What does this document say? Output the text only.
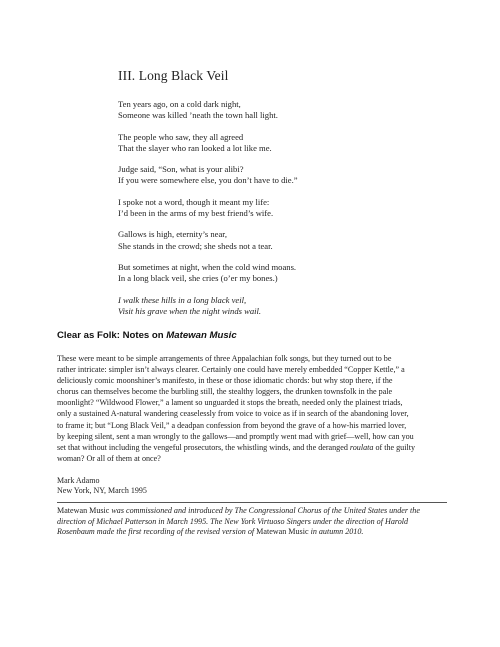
III. Long Black Veil
Ten years ago, on a cold dark night,
Someone was killed ’neath the town hall light.
The people who saw, they all agreed
That the slayer who ran looked a lot like me.
Judge said, “Son, what is your alibi?
If you were somewhere else, you don’t have to die.”
I spoke not a word, though it meant my life:
I’d been in the arms of my best friend’s wife.
Gallows is high, eternity’s near,
She stands in the crowd; she sheds not a tear.
But sometimes at night, when the cold wind moans.
In a long black veil, she cries (o’er my bones.)
I walk these hills in a long black veil,
Visit his grave when the night winds wail.
Clear as Folk: Notes on Matewan Music

These were meant to be simple arrangements of three Appalachian folk songs, but they turned out to be
rather intricate: simpler isn’t always clearer. Certainly one could have merely embedded “Copper Kettle,” a
deliciously comic moonshiner’s manifesto, in these or those idiomatic chords: but why stop there, if the
chorus can themselves become the burbling still, the stealthy loggers, the drunken townsfolk in the pale
moonlight? “Wildwood Flower,” a lament so unguarded it stops the breath, needed only the plainest triads,
only a sustained A-natural wandering ceaselessly from voice to voice as if in search of the abandoning lover,
to frame it; but “Long Black Veil,” a deadpan confession from beyond the grave of a how-his married lover,
by keeping silent, sent a man wrongly to the gallows—and promptly went mad with grief—well, how can you
set that without including the vengeful prosecutors, the whistling winds, and the deranged roulata of the guilty
woman? Or all of them at once?

Mark Adamo
New York, NY, March 1995
Matewan Music was commissioned and introduced by The Congressional Chorus of the United States under the
direction of Michael Patterson in March 1995. The New York Virtuoso Singers under the direction of Harold
Rosenbaum made the first recording of the revised version of Matewan Music in autumn 2010.
